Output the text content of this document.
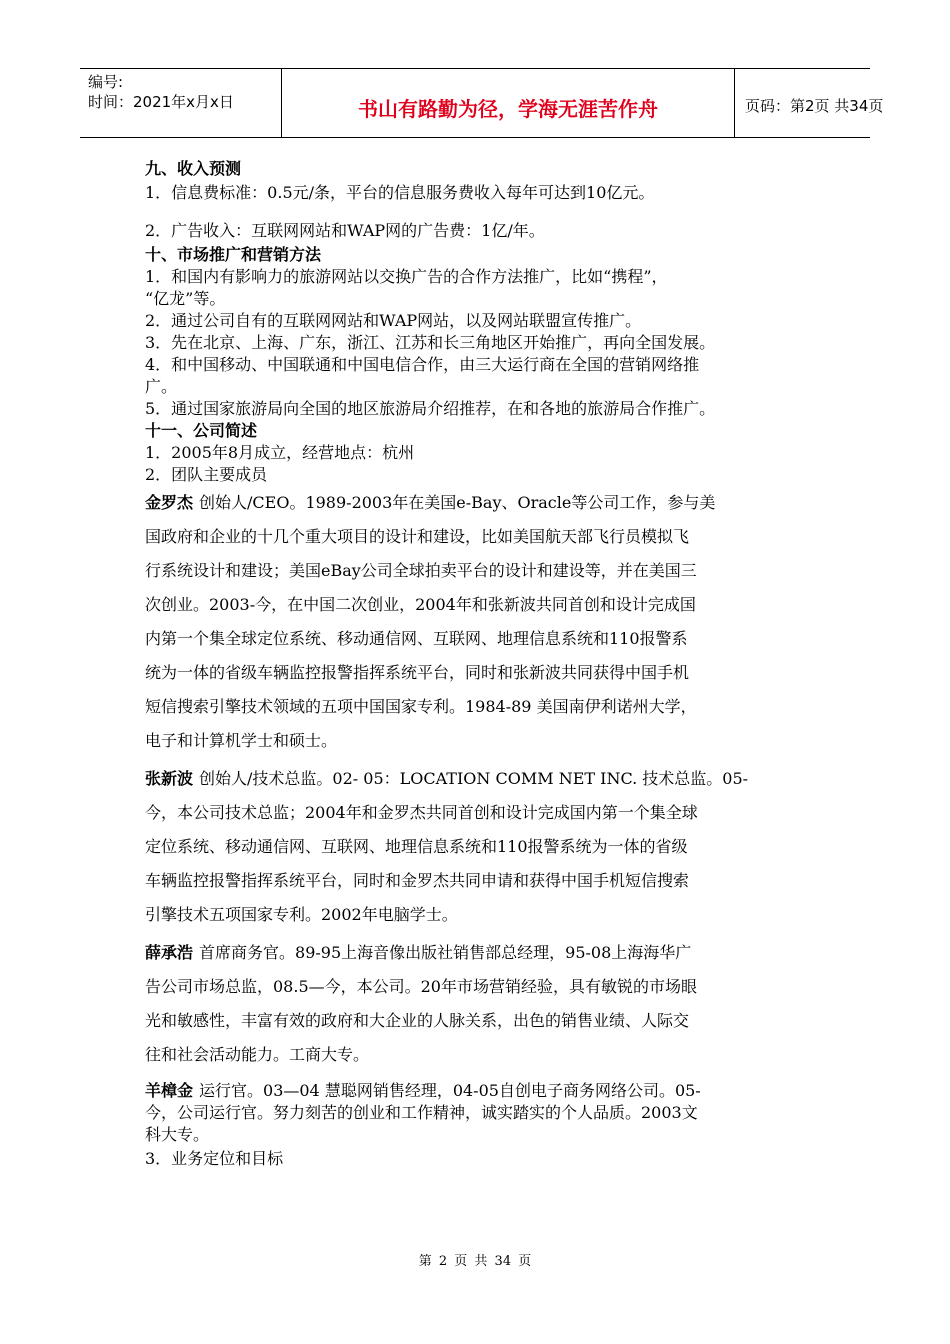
编号:
时间：2021年x月x日	书山有路勤为径，学海无涯苦作舟	页码：第2页 共34页
九、收入预测
1．信息费标准：0.5元/条，平台的信息服务费收入每年可达到10亿元。
2．广告收入：互联网网站和WAP网的广告费：1亿/年。
十、市场推广和营销方法
1．和国内有影响力的旅游网站以交换广告的合作方法推广，比如“携程”，
“亿龙”等。
2．通过公司自有的互联网网站和WAP网站，以及网站联盟宣传推广。
3．先在北京、上海、广东，浙江、江苏和长三角地区开始推广，再向全国发展。
4．和中国移动、中国联通和中国电信合作，由三大运行商在全国的营销网络推
广。
5．通过国家旅游局向全国的地区旅游局介绍推荐，在和各地的旅游局合作推广。
十一、公司简述
1．2005年8月成立，经营地点：杭州
2．团队主要成员
金罗杰 创始人/CEO。1989-2003年在美国e-Bay、Oracle等公司工作，参与美
国政府和企业的十几个重大项目的设计和建设，比如美国航天部飞行员模拟飞
行系统设计和建设；美国eBay公司全球拍卖平台的设计和建设等，并在美国三
次创业。2003-今，在中国二次创业，2004年和张新波共同首创和设计完成国
内第一个集全球定位系统、移动通信网、互联网、地理信息系统和110报警系
统为一体的省级车辆监控报警指挥系统平台，同时和张新波共同获得中国手机
短信搜索引擎技术领域的五项中国国家专利。1984-89 美国南伊利诺州大学，
电子和计算机学士和硕士。
张新波 创始人/技术总监。02- 05：LOCATION COMM NET INC. 技术总监。05-
今，本公司技术总监；2004年和金罗杰共同首创和设计完成国内第一个集全球
定位系统、移动通信网、互联网、地理信息系统和110报警系统为一体的省级
车辆监控报警指挥系统平台，同时和金罗杰共同申请和获得中国手机短信搜索
引擎技术五项国家专利。2002年电脑学士。
薛承浩 首席商务官。89-95上海音像出版社销售部总经理，95-08上海海华广
告公司市场总监，08.5—今，本公司。20年市场营销经验，具有敏锐的市场眼
光和敏感性，丰富有效的政府和大企业的人脉关系，出色的销售业绩、人际交
往和社会活动能力。工商大专。
羊樟金 运行官。03—04 慧聪网销售经理，04-05自创电子商务网络公司。05-
今，公司运行官。努力刻苦的创业和工作精神，诚实踏实的个人品质。2003文
科大专。
3．业务定位和目标
第 2 页 共 34 页
